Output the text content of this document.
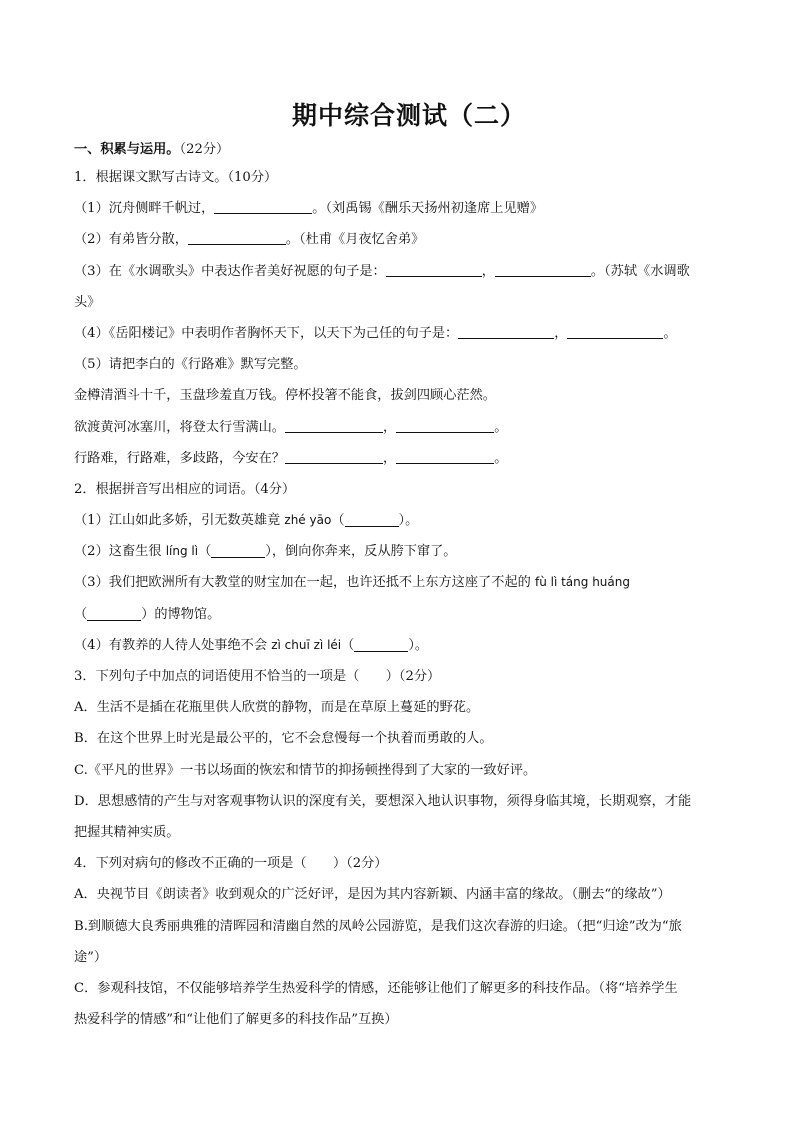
期中综合测试（二）
一、积累与运用。（22分）
1．根据课文默写古诗文。（10分）
（1）沉舟侧畔千帆过，	。（刘禹锡《酬乐天扬州初逢席上见赠》
（2）有弟皆分散，	。（杜甫《月夜忆舍弟》
（3）在《水调歌头》中表达作者美好祝愿的句子是：	，	。（苏轼《水调歌
头》
（4）《岳阳楼记》中表明作者胸怀天下，以天下为己任的句子是：	，	。
（5）请把李白的《行路难》默写完整。
金樽清酒斗十千，玉盘珍羞直万钱。停杯投箸不能食，拔剑四顾心茫然。
欲渡黄河冰塞川，将登太行雪满山。	，	。
行路难，行路难，多歧路，今安在？	，	。
2．根据拼音写出相应的词语。（4分）
（1）江山如此多娇，引无数英雄竟 zhé yāo（	）。
（2）这畜生很 líng lì（	），倒向你奔来，反从胯下窜了。
（3）我们把欧洲所有大教堂的财宝加在一起，也许还抵不上东方这座了不起的 fù lì táng huáng
（	）的博物馆。
（4）有教养的人待人处事绝不会 zì chuī zì léi（	）。
3．下列句子中加点的词语使用不恰当的一项是（　　）（2分）
A．生活不是插在花瓶里供人欣赏的静物，而是在草原上蔓延的野花。
B．在这个世界上时光是最公平的，它不会怠慢每一个执着而勇敢的人。
C.《平凡的世界》一书以场面的恢宏和情节的抑扬顿挫得到了大家的一致好评。
D．思想感情的产生与对客观事物认识的深度有关，要想深入地认识事物，须得身临其境，长期观察，才能
把握其精神实质。
4．下列对病句的修改不正确的一项是（　　）（2分）
A．央视节目《朗读者》收到观众的广泛好评，是因为其内容新颖、内涵丰富的缘故。（删去“的缘故”）
B.到顺德大良秀丽典雅的清晖园和清幽自然的凤岭公园游览，是我们这次春游的归途。（把“归途”改为“旅
途”）
C．参观科技馆，不仅能够培养学生热爱科学的情感，还能够让他们了解更多的科技作品。（将“培养学生
热爱科学的情感”和“让他们了解更多的科技作品”互换）
